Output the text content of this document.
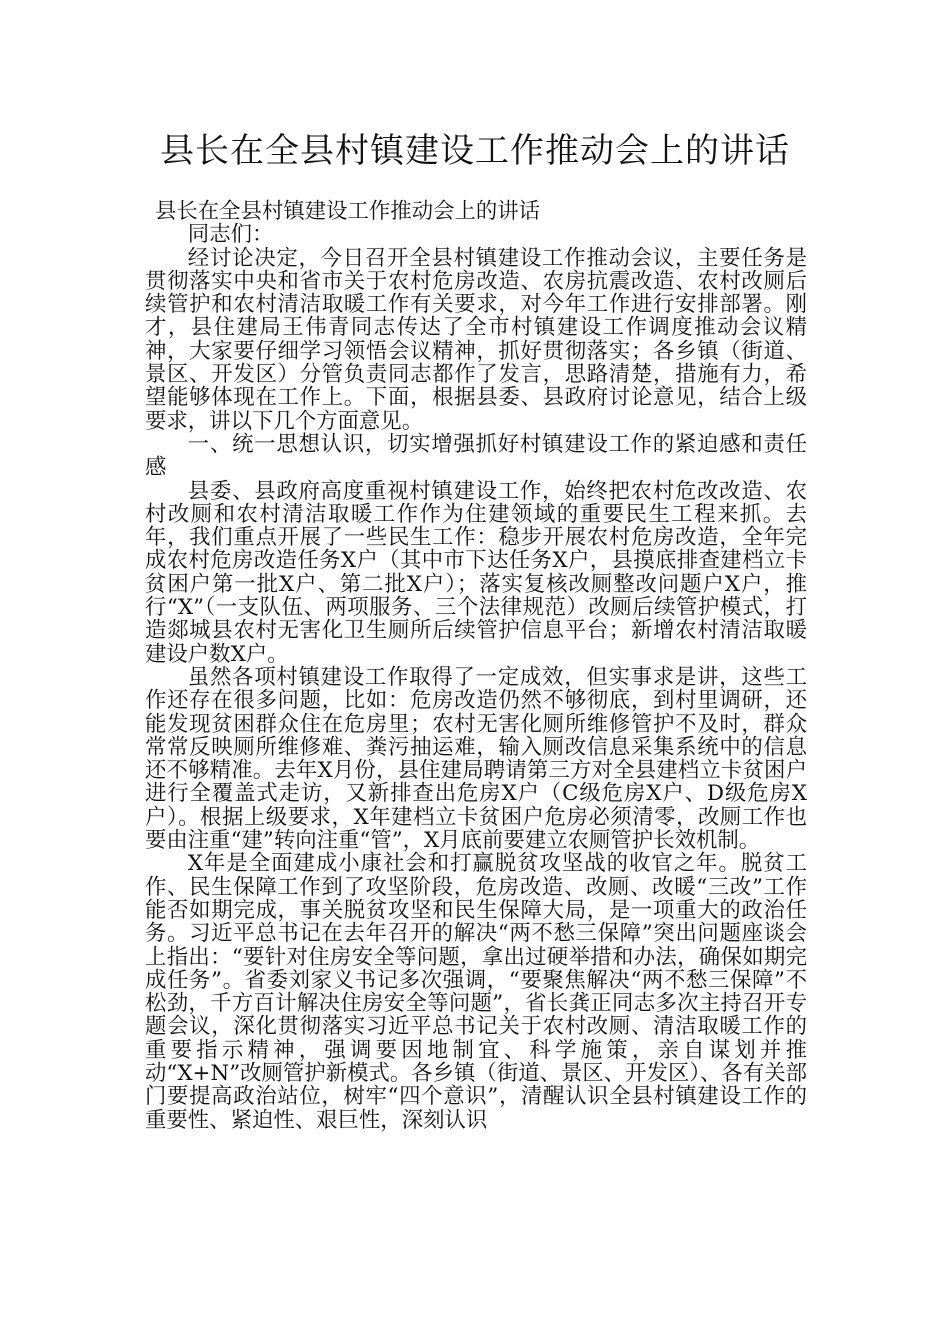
县长在全县村镇建设工作推动会上的讲话

县长在全县村镇建设工作推动会上的讲话

同志们：

经讨论决定，今日召开全县村镇建设工作推动会议，主要任务是贯彻落实中央和省市关于农村危房改造、农房抗震改造、农村改厕后续管护和农村清洁取暖工作有关要求，对今年工作进行安排部署。刚才，县住建局王伟青同志传达了全市村镇建设工作调度推动会议精神，大家要仔细学习领悟会议精神，抓好贯彻落实；各乡镇（街道、景区、开发区）分管负责同志都作了发言，思路清楚，措施有力，希望能够体现在工作上。下面，根据县委、县政府讨论意见，结合上级要求，讲以下几个方面意见。

一、统一思想认识，切实增强抓好村镇建设工作的紧迫感和责任感

县委、县政府高度重视村镇建设工作，始终把农村危改改造、农村改厕和农村清洁取暖工作作为住建领域的重要民生工程来抓。去年，我们重点开展了一些民生工作：稳步开展农村危房改造，全年完成农村危房改造任务X户（其中市下达任务X户，县摸底排查建档立卡贫困户第一批X户、第二批X户）；落实复核改厕整改问题户X户，推行“X”（一支队伍、两项服务、三个法律规范）改厕后续管护模式，打造郯城县农村无害化卫生厕所后续管护信息平台；新增农村清洁取暖建设户数X户。

虽然各项村镇建设工作取得了一定成效，但实事求是讲，这些工作还存在很多问题，比如：危房改造仍然不够彻底，到村里调研，还能发现贫困群众住在危房里；农村无害化厕所维修管护不及时，群众常常反映厕所维修难、粪污抽运难，输入厕改信息采集系统中的信息还不够精准。去年X月份，县住建局聘请第三方对全县建档立卡贫困户进行全覆盖式走访，又新排查出危房X户（C级危房X户、D级危房X户）。根据上级要求，X年建档立卡贫困户危房必须清零，改厕工作也要由注重“建”转向注重“管”，X月底前要建立农厕管护长效机制。

X年是全面建成小康社会和打赢脱贫攻坚战的收官之年。脱贫工作、民生保障工作到了攻坚阶段，危房改造、改厕、改暖“三改”工作能否如期完成，事关脱贫攻坚和民生保障大局，是一项重大的政治任务。习近平总书记在去年召开的解决“两不愁三保障”突出问题座谈会上指出：“要针对住房安全等问题，拿出过硬举措和办法，确保如期完成任务”。省委刘家义书记多次强调，“要聚焦解决“两不愁三保障”不松劲，千方百计解决住房安全等问题”，省长龚正同志多次主持召开专题会议，深化贯彻落实习近平总书记关于农村改厕、清洁取暖工作的重要指示精神，强调要因地制宜、科学施策，亲自谋划并推动“X+N”改厕管护新模式。各乡镇（街道、景区、开发区）、各有关部门要提高政治站位，树牢“四个意识”，清醒认识全县村镇建设工作的重要性、紧迫性、艰巨性，深刻认识
